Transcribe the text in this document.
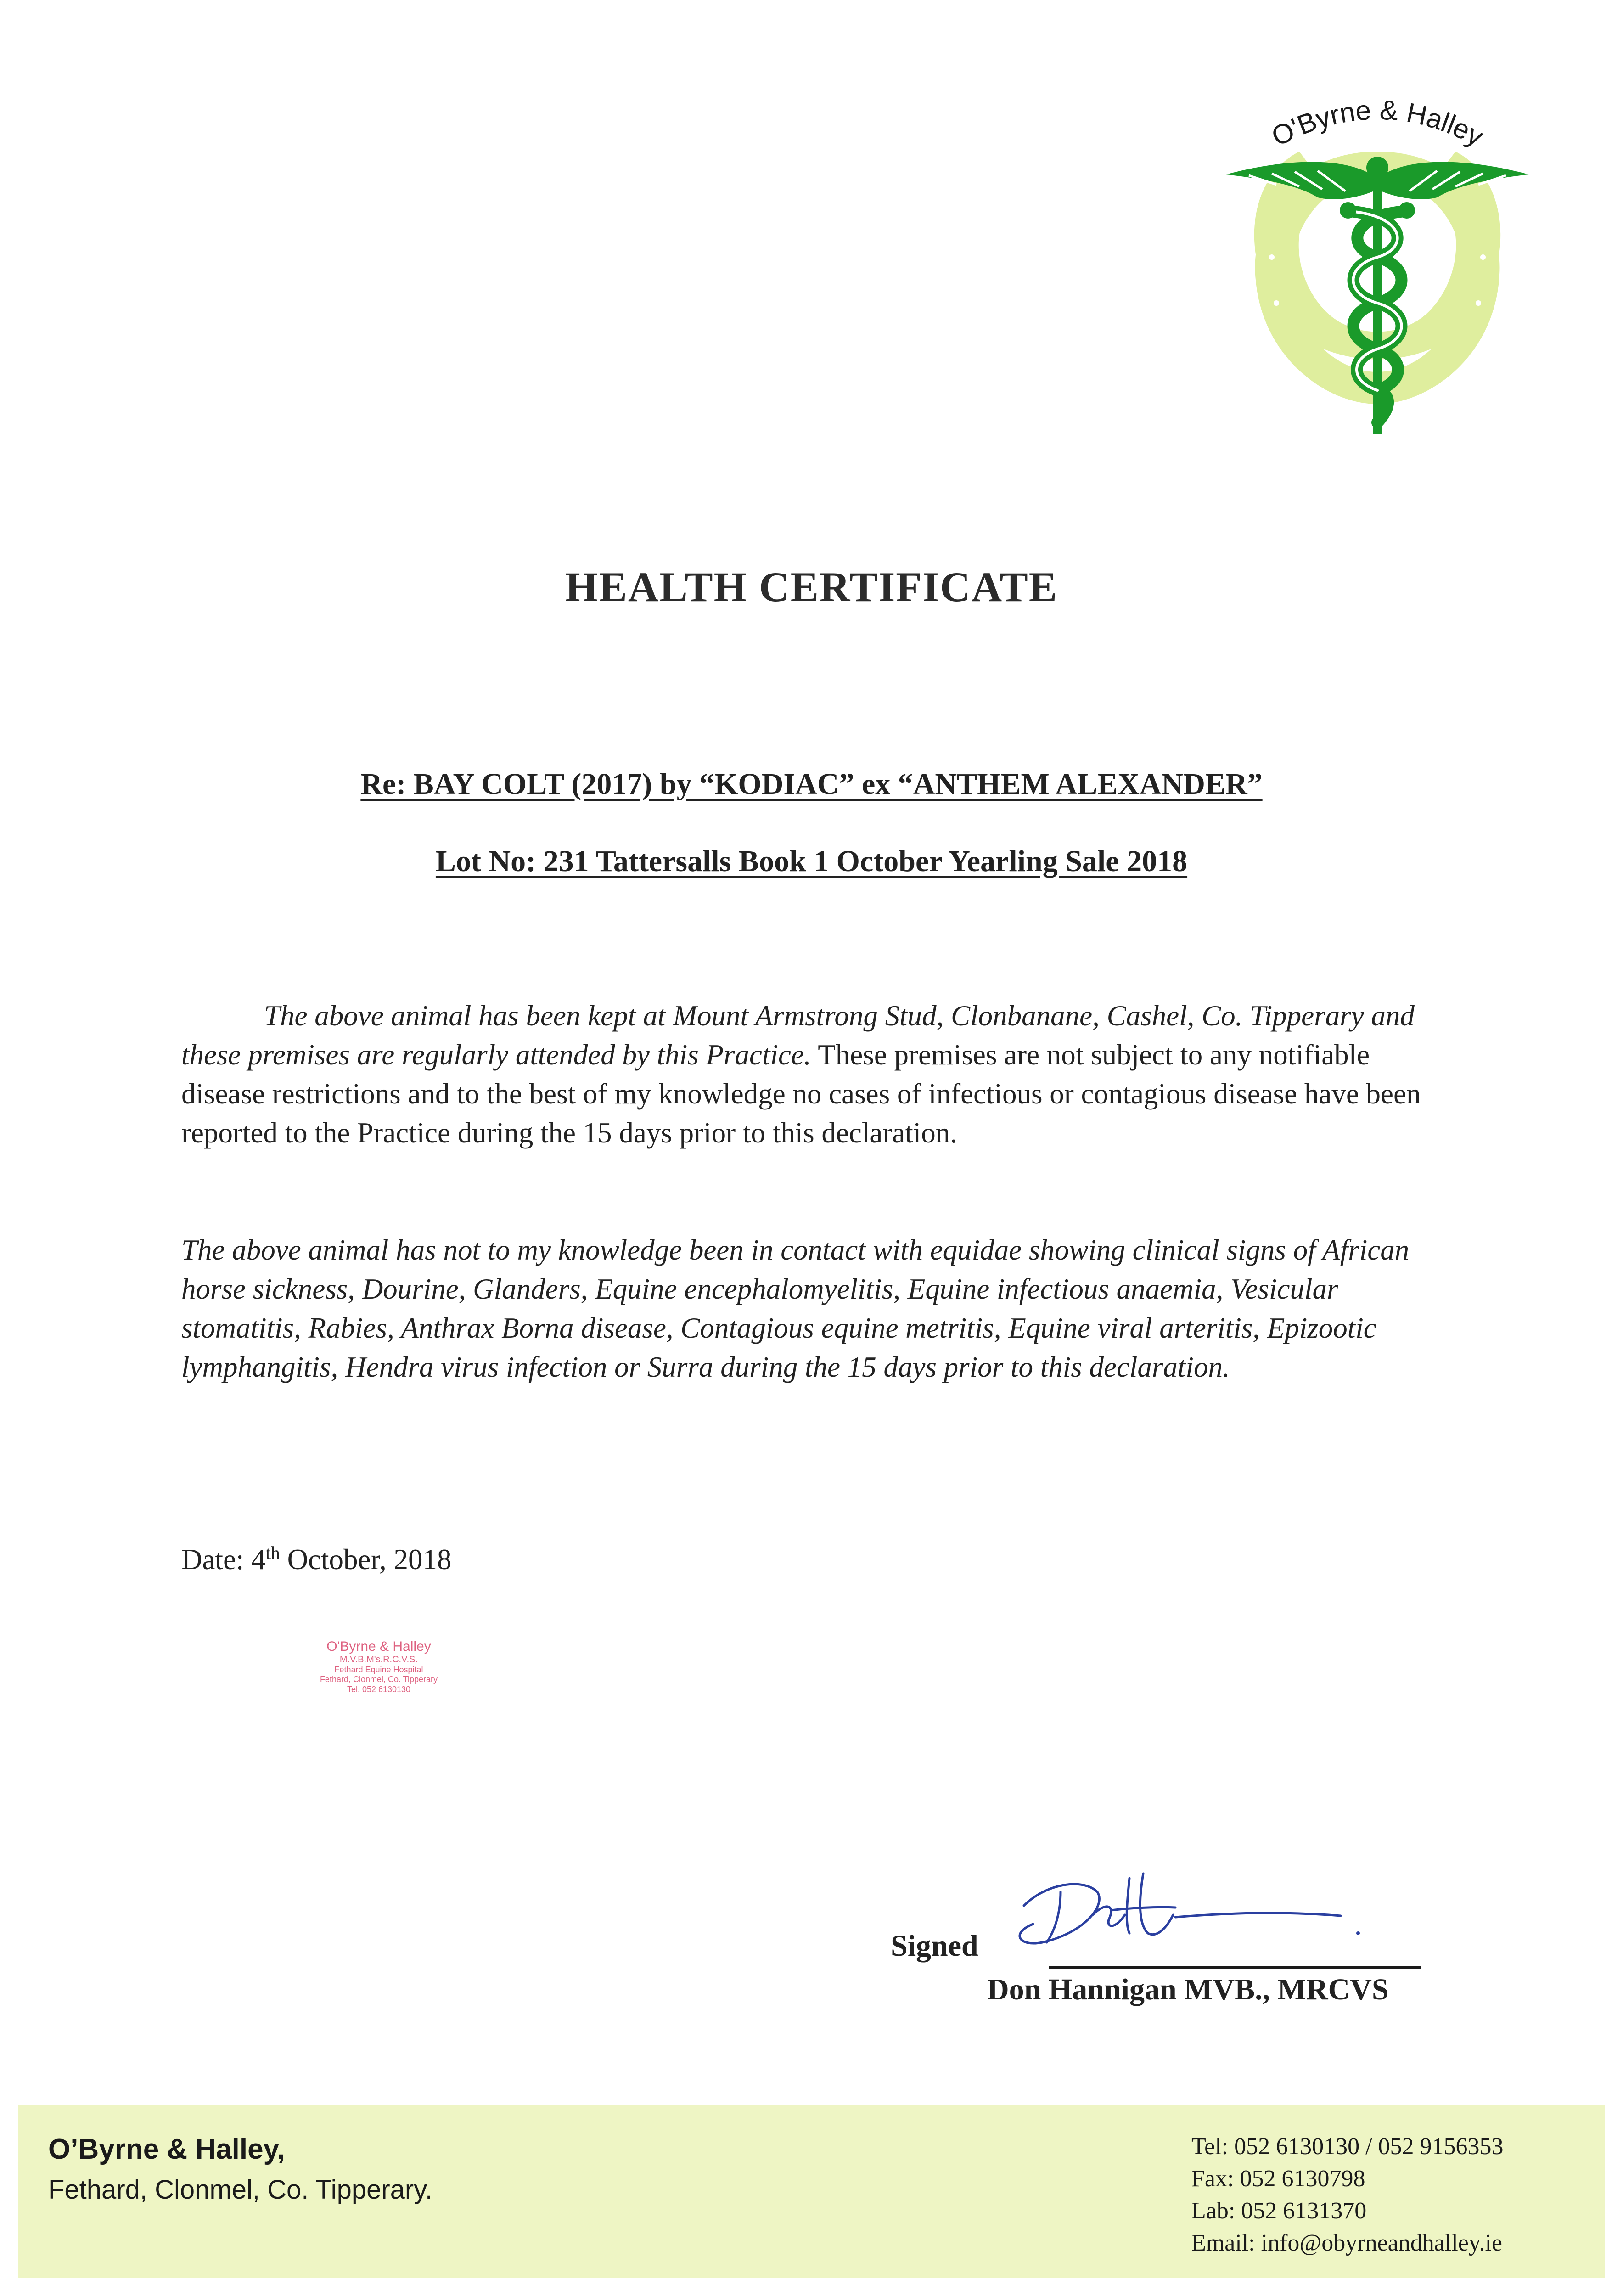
O'Byrne & Halley
HEALTH CERTIFICATE
Re: BAY COLT (2017) by “KODIAC” ex “ANTHEM ALEXANDER”
Lot No: 231 Tattersalls Book 1 October Yearling Sale 2018
The above animal has been kept at Mount Armstrong Stud, Clonbanane, Cashel, Co. Tipperary and these premises are regularly attended by this Practice. These premises are not subject to any notifiable disease restrictions and to the best of my knowledge no cases of infectious or contagious disease have been reported to the Practice during the 15 days prior to this declaration.
The above animal has not to my knowledge been in contact with equidae showing clinical signs of African horse sickness, Dourine, Glanders, Equine encephalomyelitis, Equine infectious anaemia, Vesicular stomatitis, Rabies, Anthrax Borna disease, Contagious equine metritis, Equine viral arteritis, Epizootic lymphangitis, Hendra virus infection or Surra during the 15 days prior to this declaration.
Date: 4th October, 2018
O'Byrne & Halley
M.V.B.M's.R.C.V.S.
Fethard Equine Hospital
Fethard, Clonmel, Co. Tipperary
Tel: 052 6130130
Signed
Don Hannigan MVB., MRCVS
O’Byrne & Halley,
Fethard, Clonmel, Co. Tipperary.
Tel: 052 6130130 / 052 9156353
Fax: 052 6130798
Lab: 052 6131370
Email: info@obyrneandhalley.ie
